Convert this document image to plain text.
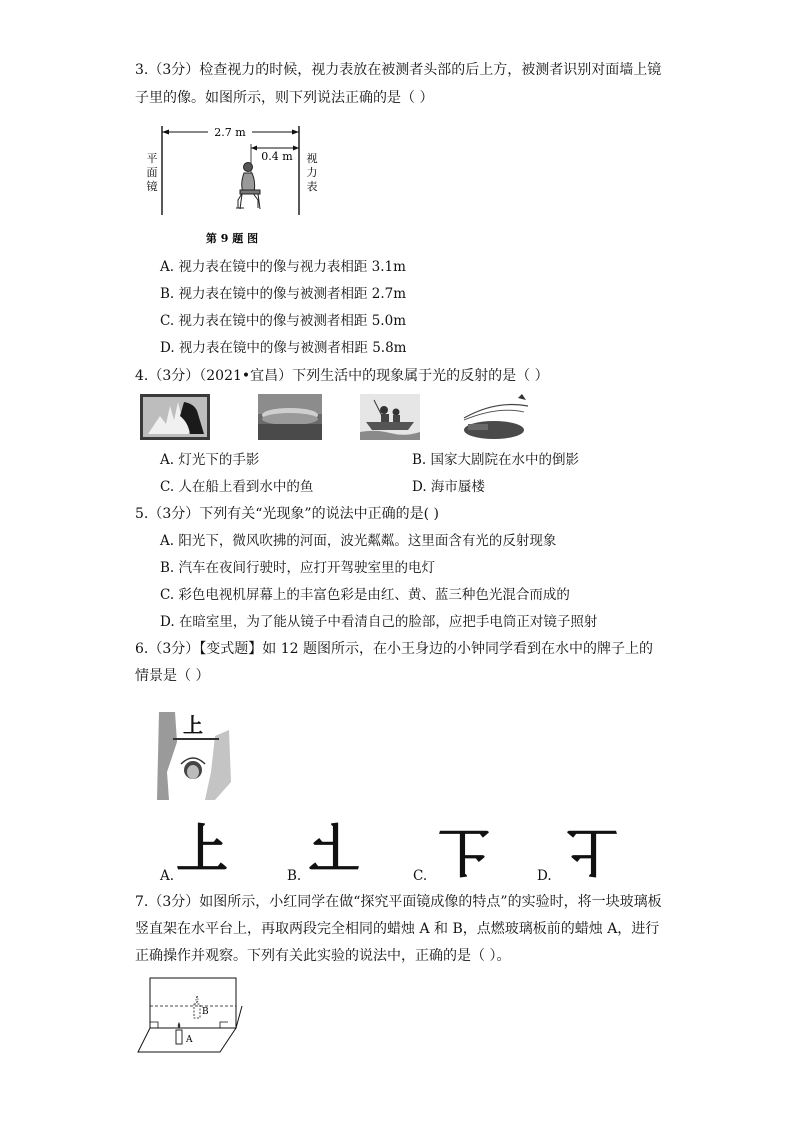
3.（3分）检查视力的时候，视力表放在被测者头部的后上方，被测者识别对面墙上镜
子里的像。如图所示，则下列说法正确的是（ ）
2.7 m
0.4 m
平
面
镜
视
力
表
第 9 题 图
A. 视力表在镜中的像与视力表相距 3.1m
B. 视力表在镜中的像与被测者相距 2.7m
C. 视力表在镜中的像与被测者相距 5.0m
D. 视力表在镜中的像与被测者相距 5.8m
4.（3分）（2021•宜昌）下列生活中的现象属于光的反射的是（ ）
A. 灯光下的手影	B. 国家大剧院在水中的倒影
C. 人在船上看到水中的鱼	D. 海市蜃楼
5.（3分）下列有关“光现象”的说法中正确的是( )
A. 阳光下，微风吹拂的河面，波光粼粼。这里面含有光的反射现象
B. 汽车在夜间行驶时，应打开驾驶室里的电灯
C. 彩色电视机屏幕上的丰富色彩是由红、黄、蓝三种色光混合而成的
D. 在暗室里，为了能从镜子中看清自己的脸部，应把手电筒正对镜子照射
6.（3分）【变式题】如 12 题图所示，在小王身边的小钟同学看到在水中的牌子上的
情景是（ ）
上
A. 上	B. 上	C. 上	D. 上
7.（3分）如图所示，小红同学在做“探究平面镜成像的特点”的实验时，将一块玻璃板
竖直架在水平台上，再取两段完全相同的蜡烛 A 和 B，点燃玻璃板前的蜡烛 A，进行
正确操作并观察。下列有关此实验的说法中，正确的是（ ）。
B
A
